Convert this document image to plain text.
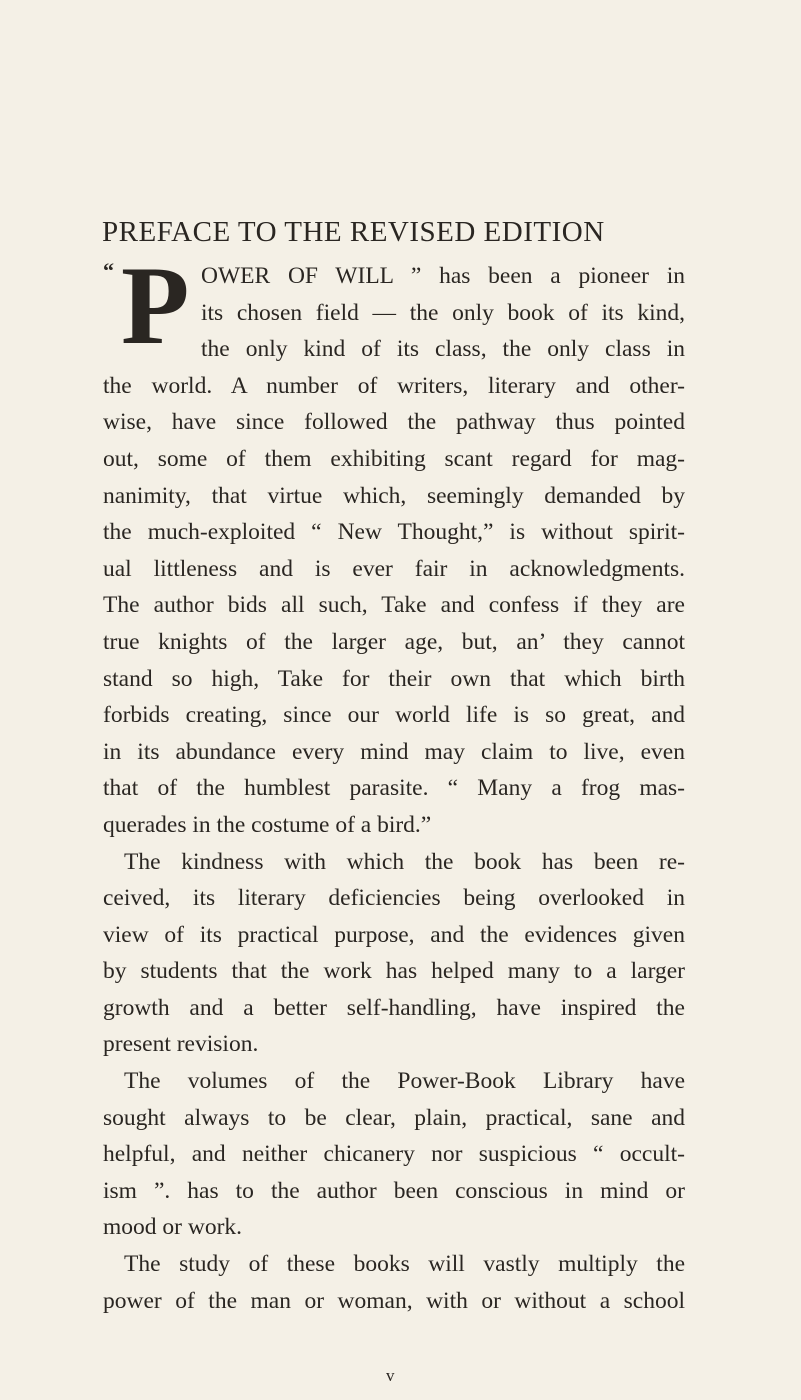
PREFACE TO THE REVISED EDITION
“ P OWER OF WILL ” has been a pioneer in
its chosen field — the only book of its kind,
the only kind of its class, the only class in
the world. A number of writers, literary and other-
wise, have since followed the pathway thus pointed
out, some of them exhibiting scant regard for mag-
nanimity, that virtue which, seemingly demanded by
the much-exploited “ New Thought,” is without spirit-
ual littleness and is ever fair in acknowledgments.
The author bids all such, Take and confess if they are
true knights of the larger age, but, an’ they cannot
stand so high, Take for their own that which birth
forbids creating, since our world life is so great, and
in its abundance every mind may claim to live, even
that of the humblest parasite. “ Many a frog mas-
querades in the costume of a bird.”
The kindness with which the book has been re-
ceived, its literary deficiencies being overlooked in
view of its practical purpose, and the evidences given
by students that the work has helped many to a larger
growth and a better self-handling, have inspired the
present revision.
The volumes of the Power-Book Library have
sought always to be clear, plain, practical, sane and
helpful, and neither chicanery nor suspicious “ occult-
ism ”. has to the author been conscious in mind or
mood or work.
The study of these books will vastly multiply the
power of the man or woman, with or without a school
v
